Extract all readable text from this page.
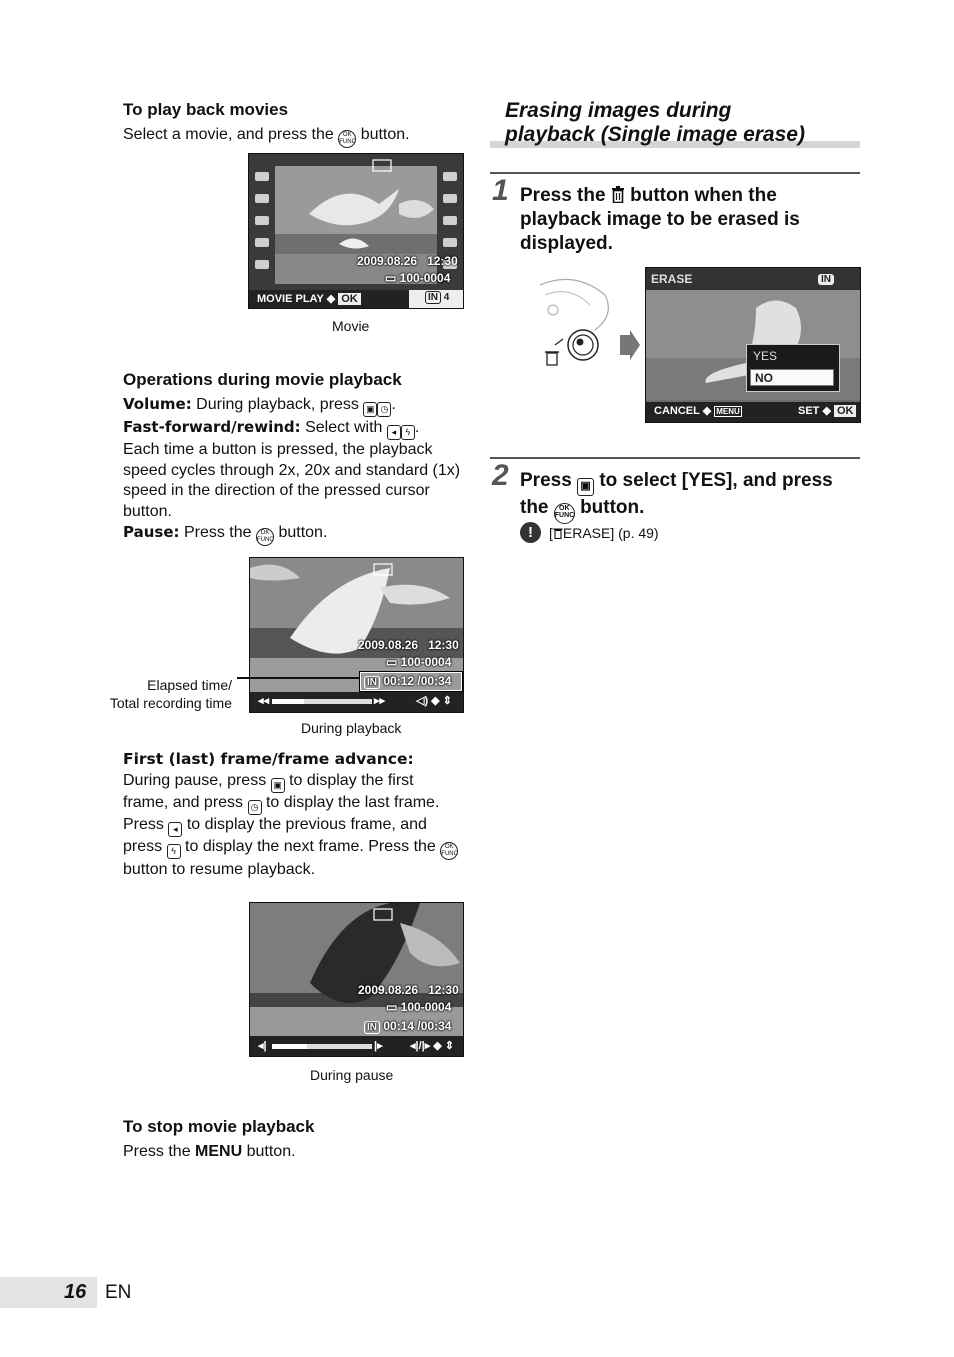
To play back movies
Select a movie, and press the OK FUNC button.
2009.08.26 12:30
▭ 100-0004
MOVIE PLAY ◆ OK	IN 4
Movie
Operations during movie playback
Volume: During playback, press ▣ ◷ .
Fast-forward/rewind: Select with ◂ ϟ .
Each time a button is pressed, the playback speed cycles through 2x, 20x and standard (1x) speed in the direction of the pressed cursor button.
Pause: Press the OK FUNC button.
2009.08.26 12:30
▭ 100-0004
IN 00:12 /00:34
◂◂	▸▸	◁) ◆ ⇕
Elapsed time/
Total recording time
During playback
First (last) frame/frame advance:
During pause, press ▣ to display the first frame, and press ◷ to display the last frame. Press ◂ to display the previous frame, and press ϟ to display the next frame. Press the OK FUNC button to resume playback.
2009.08.26 12:30
▭ 100-0004
IN 00:14 /00:34
◂|	|▸ ◂|/|▸ ◆ ⇕
During pause
To stop movie playback
Press the MENU button.
Erasing images during
playback (Single image erase)
1 Press the button when the playback image to be erased is displayed.
ERASE	IN
YES
NO
CANCEL ◆ MENU	SET ◆ OK
2 Press ▣ to select [YES], and press the OK FUNC button.
!	[ ERASE] (p. 49)
16 EN
